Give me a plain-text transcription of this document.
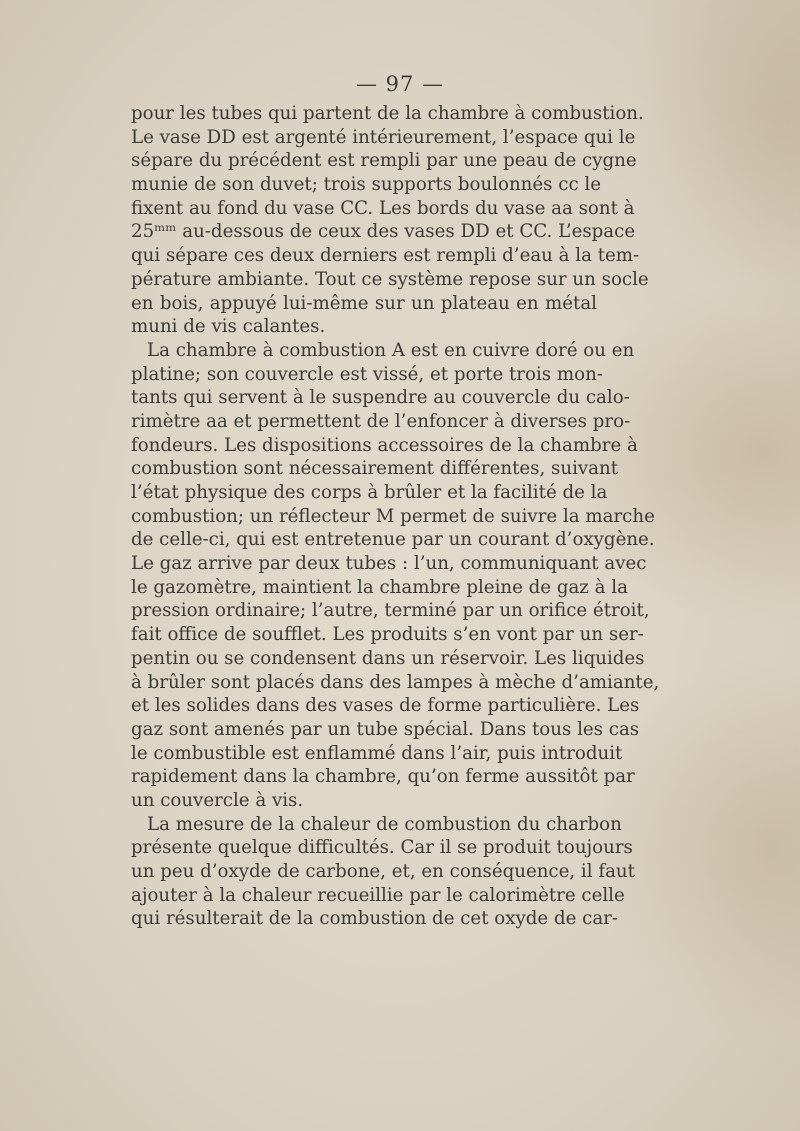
— 97 —
pour les tubes qui partent de la chambre à combustion.
Le vase DD est argenté intérieurement, l’espace qui le
sépare du précédent est rempli par une peau de cygne
munie de son duvet; trois supports boulonnés cc le
fixent au fond du vase CC. Les bords du vase aa sont à
25ᵐᵐ au-dessous de ceux des vases DD et CC. L’espace
qui sépare ces deux derniers est rempli d’eau à la tem-
pérature ambiante. Tout ce système repose sur un socle
en bois, appuyé lui-même sur un plateau en métal
muni de vis calantes.
La chambre à combustion A est en cuivre doré ou en
platine; son couvercle est vissé, et porte trois mon-
tants qui servent à le suspendre au couvercle du calo-
rimètre aa et permettent de l’enfoncer à diverses pro-
fondeurs. Les dispositions accessoires de la chambre à
combustion sont nécessairement différentes, suivant
l’état physique des corps à brûler et la facilité de la
combustion; un réflecteur M permet de suivre la marche
de celle-ci, qui est entretenue par un courant d’oxygène.
Le gaz arrive par deux tubes : l’un, communiquant avec
le gazomètre, maintient la chambre pleine de gaz à la
pression ordinaire; l’autre, terminé par un orifice étroit,
fait office de soufflet. Les produits s’en vont par un ser-
pentin ou se condensent dans un réservoir. Les liquides
à brûler sont placés dans des lampes à mèche d’amiante,
et les solides dans des vases de forme particulière. Les
gaz sont amenés par un tube spécial. Dans tous les cas
le combustible est enflammé dans l’air, puis introduit
rapidement dans la chambre, qu’on ferme aussitôt par
un couvercle à vis.
La mesure de la chaleur de combustion du charbon
présente quelque difficultés. Car il se produit toujours
un peu d’oxyde de carbone, et, en conséquence, il faut
ajouter à la chaleur recueillie par le calorimètre celle
qui résulterait de la combustion de cet oxyde de car-
